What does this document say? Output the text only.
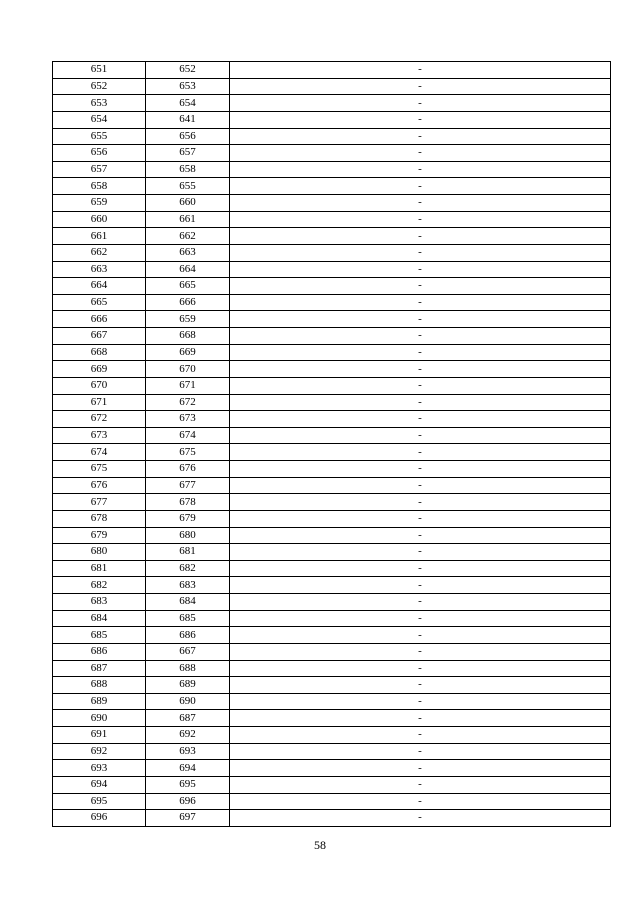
651	652	-
652	653	-
653	654	-
654	641	-
655	656	-
656	657	-
657	658	-
658	655	-
659	660	-
660	661	-
661	662	-
662	663	-
663	664	-
664	665	-
665	666	-
666	659	-
667	668	-
668	669	-
669	670	-
670	671	-
671	672	-
672	673	-
673	674	-
674	675	-
675	676	-
676	677	-
677	678	-
678	679	-
679	680	-
680	681	-
681	682	-
682	683	-
683	684	-
684	685	-
685	686	-
686	667	-
687	688	-
688	689	-
689	690	-
690	687	-
691	692	-
692	693	-
693	694	-
694	695	-
695	696	-
696	697	-
58
